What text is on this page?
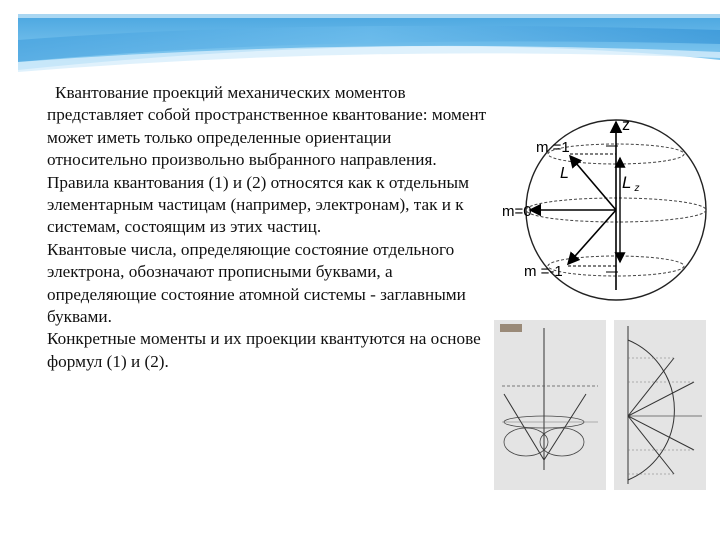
Квантование проекций механических моментов представляет собой пространственное квантование: момент может иметь только определенные ориентации относительно произвольно выбранного направления.

Правила квантования (1) и (2) относятся как к отдельным элементарным частицам (например, электронам), так и к системам, состоящим из этих частиц.

Квантовые числа, определяющие состояние отдельного электрона, обозначают прописными буквами, а определяющие состояние атомной системы - заглавными буквами.

Конкретные моменты и их проекции квантуются на основе формул (1) и (2).

z
L	Lz
m =1
m=0
m =-1
